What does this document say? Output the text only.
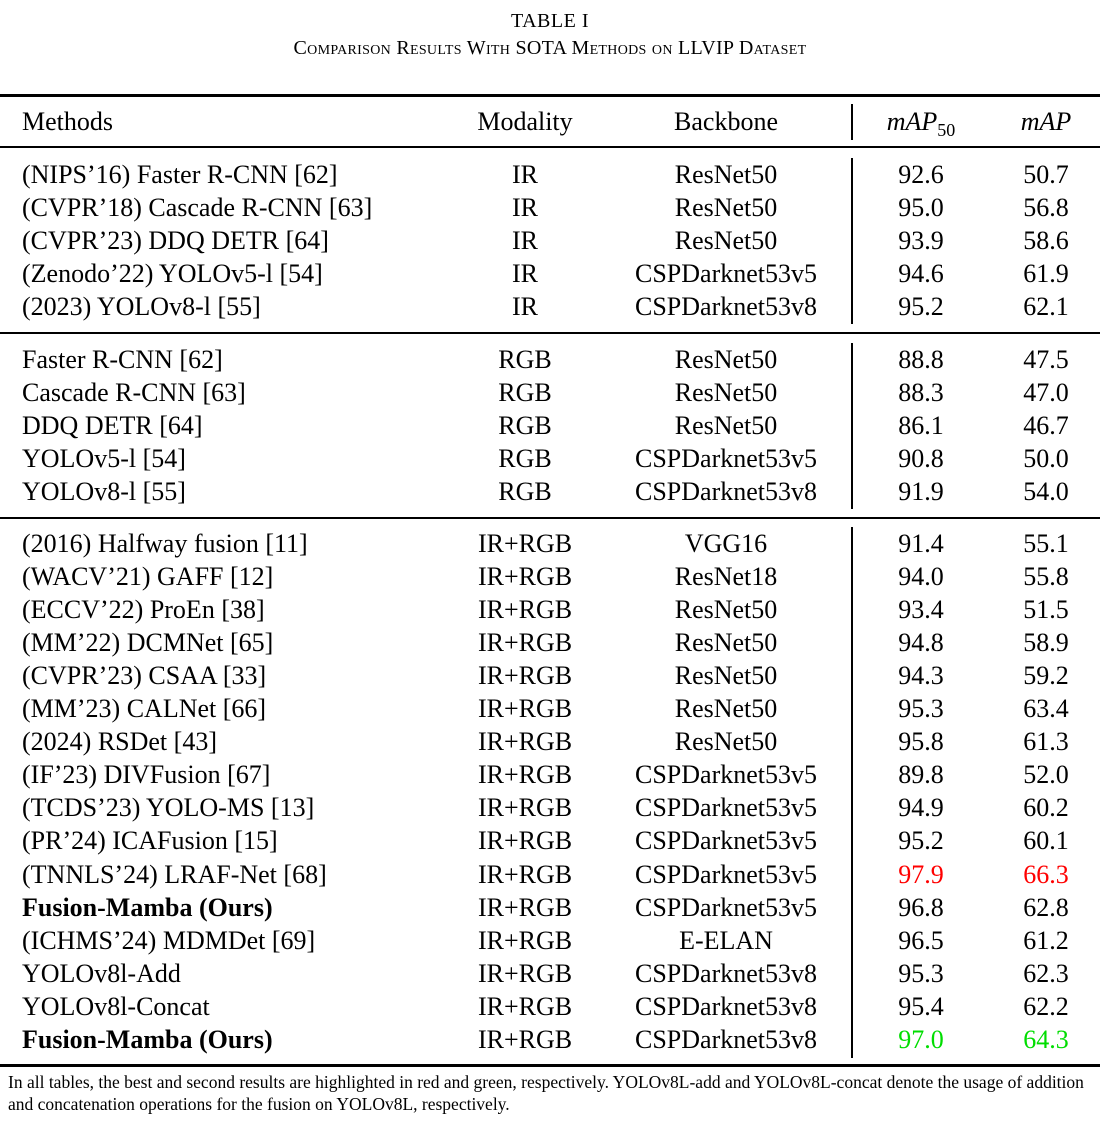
TABLE I
Comparison Results With SOTA Methods on LLVIP Dataset
Methods	Modality	Backbone	mAP$_{50}$	mAP
(NIPS’16) Faster R-CNN [62]	IR	ResNet50	92.6	50.7
(CVPR’18) Cascade R-CNN [63]	IR	ResNet50	95.0	56.8
(CVPR’23) DDQ DETR [64]	IR	ResNet50	93.9	58.6
(Zenodo’22) YOLOv5-l [54]	IR	CSPDarknet53v5	94.6	61.9
(2023) YOLOv8-l [55]	IR	CSPDarknet53v8	95.2	62.1
Faster R-CNN [62]	RGB	ResNet50	88.8	47.5
Cascade R-CNN [63]	RGB	ResNet50	88.3	47.0
DDQ DETR [64]	RGB	ResNet50	86.1	46.7
YOLOv5-l [54]	RGB	CSPDarknet53v5	90.8	50.0
YOLOv8-l [55]	RGB	CSPDarknet53v8	91.9	54.0
(2016) Halfway fusion [11]	IR+RGB	VGG16	91.4	55.1
(WACV’21) GAFF [12]	IR+RGB	ResNet18	94.0	55.8
(ECCV’22) ProEn [38]	IR+RGB	ResNet50	93.4	51.5
(MM’22) DCMNet [65]	IR+RGB	ResNet50	94.8	58.9
(CVPR’23) CSAA [33]	IR+RGB	ResNet50	94.3	59.2
(MM’23) CALNet [66]	IR+RGB	ResNet50	95.3	63.4
(2024) RSDet [43]	IR+RGB	ResNet50	95.8	61.3
(IF’23) DIVFusion [67]	IR+RGB CSPDarknet53v5	89.8	52.0
(TCDS’23) YOLO-MS [13]	IR+RGB CSPDarknet53v5	94.9	60.2
(PR’24) ICAFusion [15]	IR+RGB CSPDarknet53v5	95.2	60.1
(TNNLS’24) LRAF-Net [68]	IR+RGB CSPDarknet53v5	97.9	66.3
Fusion-Mamba (Ours)	IR+RGB CSPDarknet53v5	96.8	62.8
(ICHMS’24) MDMDet [69]	IR+RGB	E-ELAN	96.5	61.2
YOLOv8l-Add	IR+RGB CSPDarknet53v8	95.3	62.3
YOLOv8l-Concat	IR+RGB CSPDarknet53v8	95.4	62.2
Fusion-Mamba (Ours)	IR+RGB CSPDarknet53v8	97.0	64.3
In all tables, the best and second results are highlighted in red and green, respectively. YOLOv8L-add and YOLOv8L-concat denote the usage of addition and concatenation operations for the fusion on YOLOv8L, respectively.
